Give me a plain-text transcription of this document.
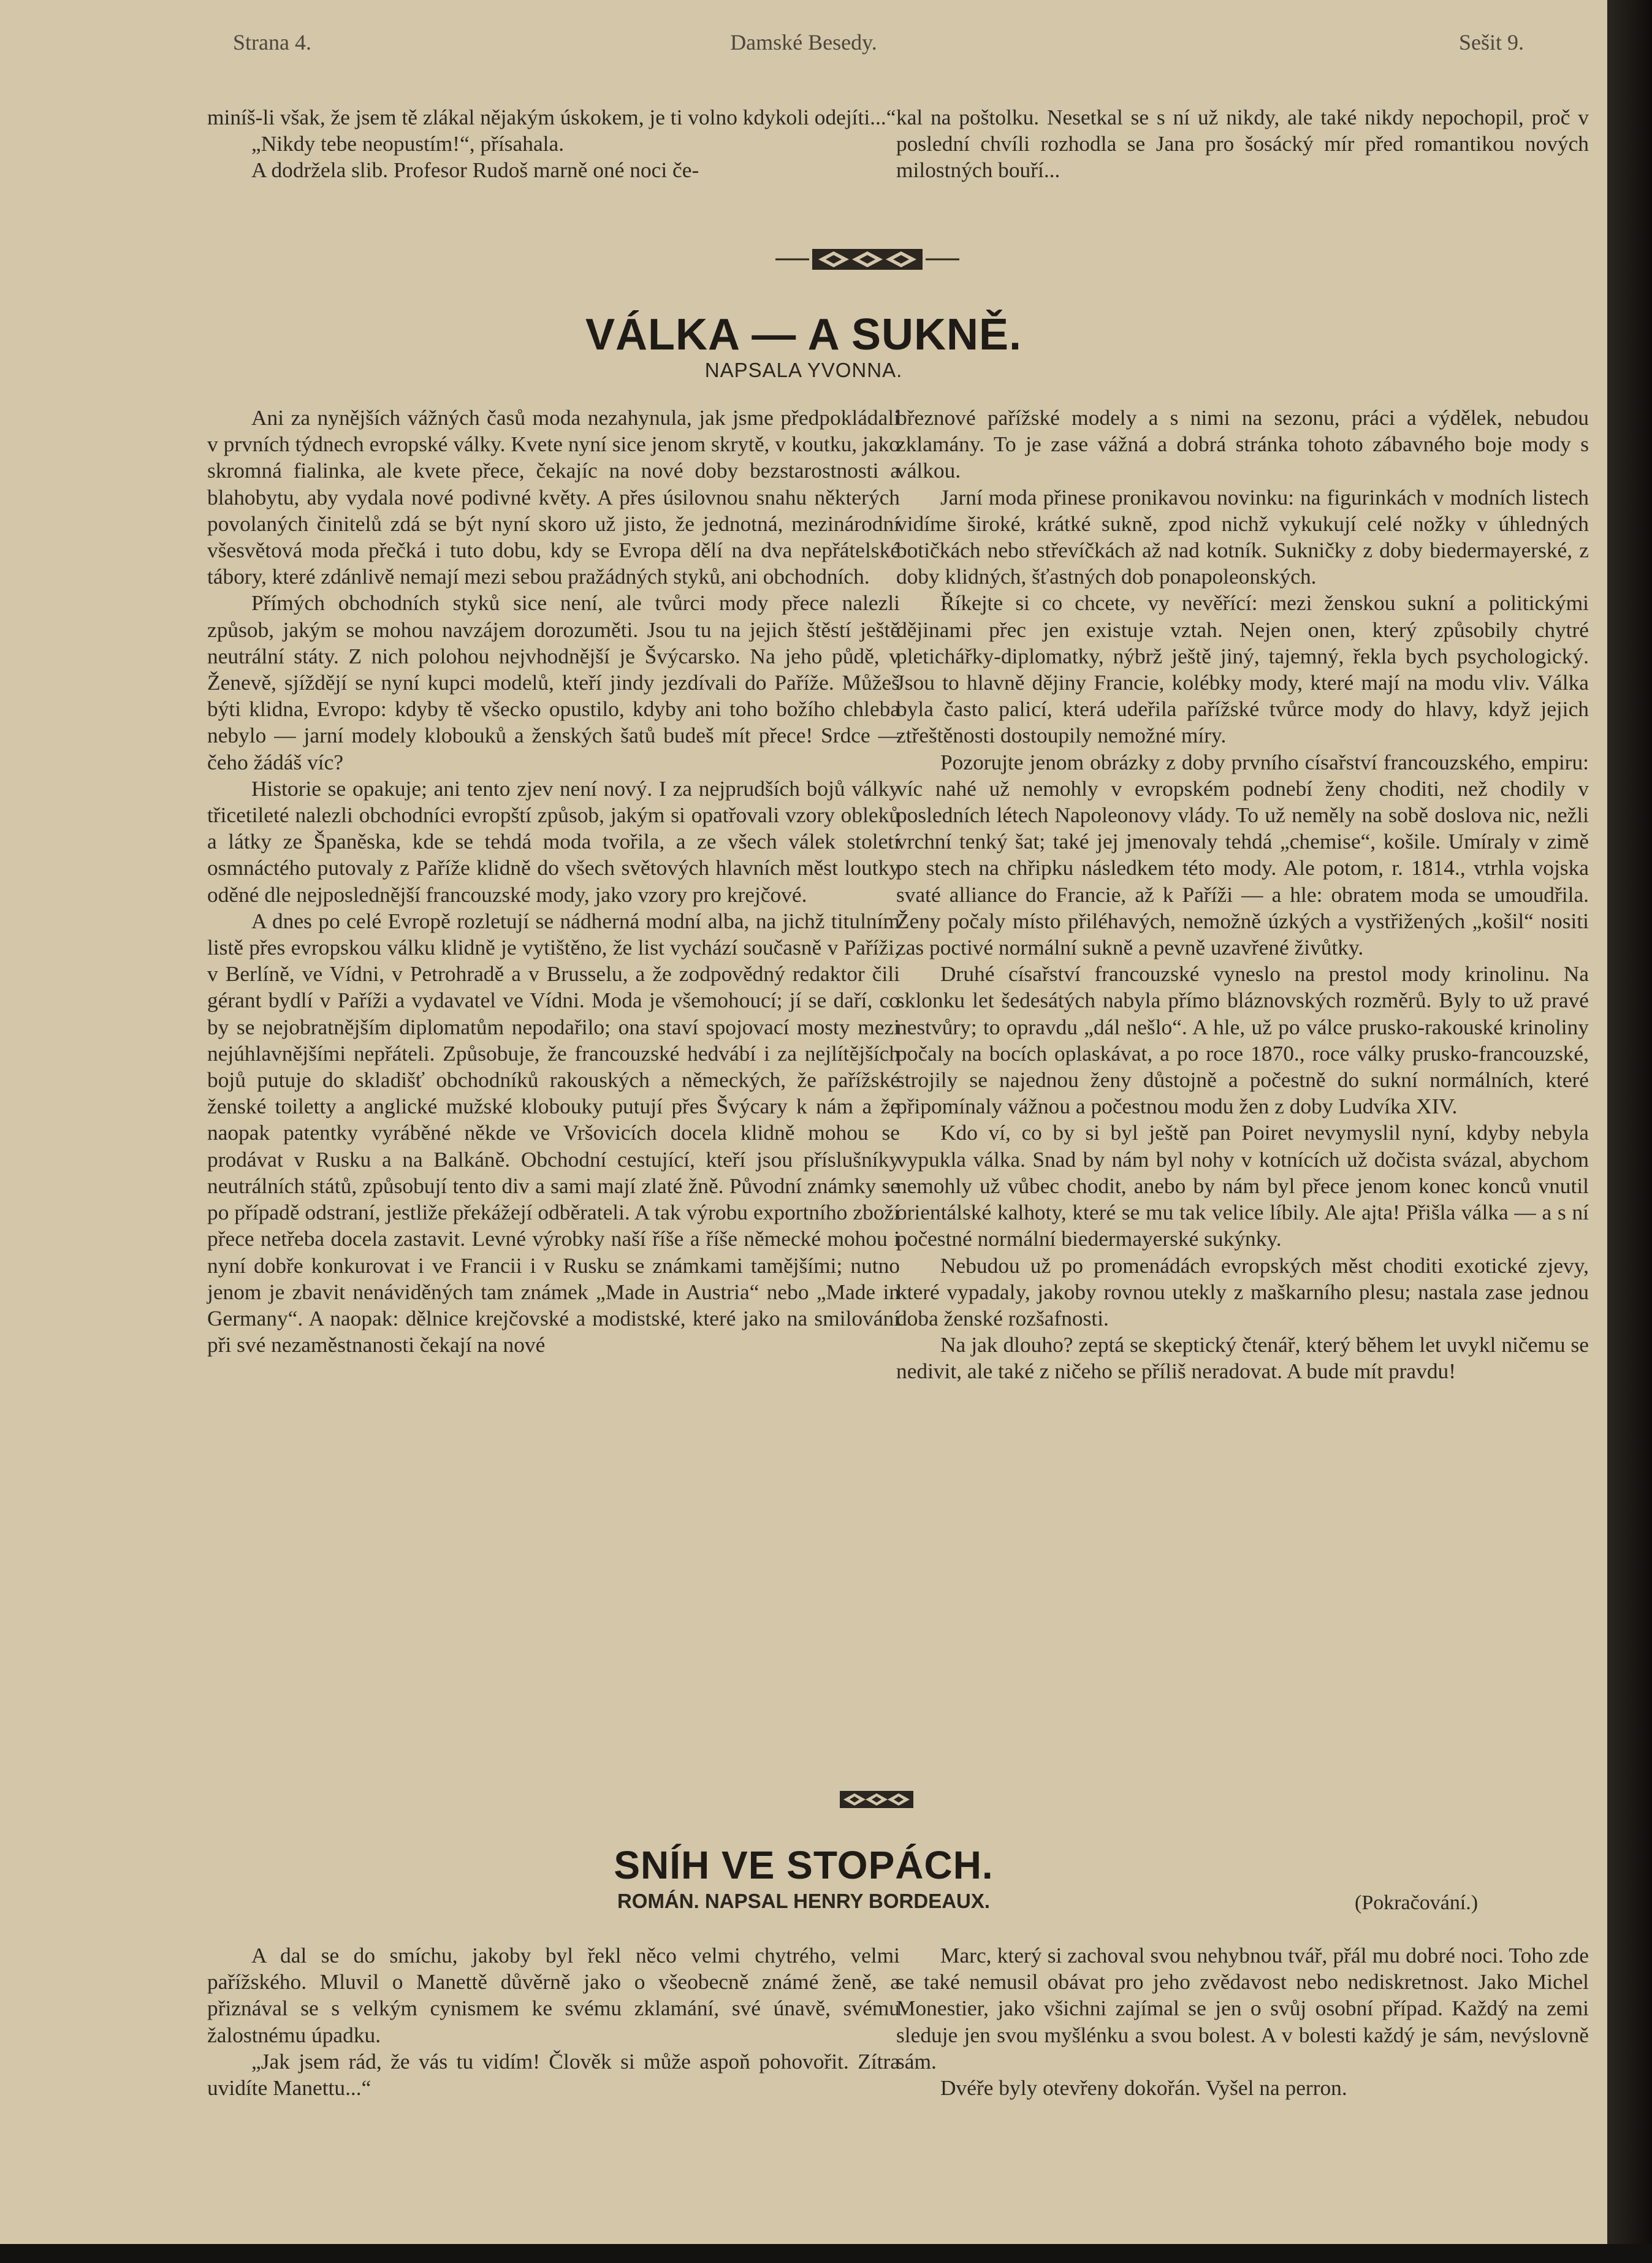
Strana 4.	Damské Besedy.	Sešit 9.

miníš-li však, že jsem tě zlákal nějakým úskokem, je ti volno kdykoli odejíti...“

„Nikdy tebe neopustím!“, přísahala.

A dodržela slib. Profesor Rudoš marně oné noci če-

kal na poštolku. Nesetkal se s ní už nikdy, ale také nikdy nepochopil, proč v poslední chvíli rozhodla se Jana pro šosácký mír před romantikou nových milostných bouří...

VÁLKA — A SUKNĚ.
NAPSALA YVONNA.

Ani za nynějších vážných časů moda nezahynula, jak jsme předpokládali v prvních týdnech evropské války. Kvete nyní sice jenom skrytě, v koutku, jako skromná fialinka, ale kvete přece, čekajíc na nové doby bezstarostnosti a blahobytu, aby vydala nové podivné květy. A přes úsilovnou snahu některých povolaných činitelů zdá se být nyní skoro už jisto, že jednotná, mezinárodní všesvětová moda přečká i tuto dobu, kdy se Evropa dělí na dva nepřátelské tábory, které zdánlivě nemají mezi sebou pražádných styků, ani obchodních.

Přímých obchodních styků sice není, ale tvůrci mody přece nalezli způsob, jakým se mohou navzájem dorozuměti. Jsou tu na jejich štěstí ještě neutrální státy. Z nich polohou nejvhodnější je Švýcarsko. Na jeho půdě, v Ženevě, sjíždějí se nyní kupci modelů, kteří jindy jezdívali do Paříže. Můžeš býti klidna, Evropo: kdyby tě všecko opustilo, kdyby ani toho božího chleba nebylo — jarní modely klobouků a ženských šatů budeš mít přece! Srdce — čeho žádáš víc?

Historie se opakuje; ani tento zjev není nový. I za nejprudších bojů války třicetileté nalezli obchodníci evropští způsob, jakým si opatřovali vzory obleků a látky ze Španěska, kde se tehdá moda tvořila, a ze všech válek století osmnáctého putovaly z Paříže klidně do všech světových hlavních měst loutky oděné dle nejposlednější francouzské mody, jako vzory pro krejčové.

A dnes po celé Evropě rozletují se nádherná modní alba, na jichž titulním listě přes evropskou válku klidně je vytištěno, že list vychází současně v Paříži, v Berlíně, ve Vídni, v Petrohradě a v Brusselu, a že zodpovědný redaktor čili gérant bydlí v Paříži a vydavatel ve Vídni. Moda je všemohoucí; jí se daří, co by se nejobratnějším diplomatům nepodařilo; ona staví spojovací mosty mezi nejúhlavnějšími nepřáteli. Způsobuje, že francouzské hedvábí i za nejlítějších bojů putuje do skladišť obchodníků rakouských a německých, že pařížské ženské toiletty a anglické mužské klobouky putují přes Švýcary k nám a že naopak patentky vyráběné někde ve Vršovicích docela klidně mohou se prodávat v Rusku a na Balkáně. Obchodní cestující, kteří jsou příslušníky neutrálních států, způsobují tento div a sami mají zlaté žně. Původní známky se po případě odstraní, jestliže překážejí odběrateli. A tak výrobu exportního zboží přece netřeba docela zastavit. Levné výrobky naší říše a říše německé mohou i nyní dobře konkurovat i ve Francii i v Rusku se známkami tamějšími; nutno jenom je zbavit nenáviděných tam známek „Made in Austria“ nebo „Made in Germany“. A naopak: dělnice krejčovské a modistské, které jako na smilování při své nezaměstnanosti čekají na nové

březnové pařížské modely a s nimi na sezonu, práci a výdělek, nebudou zklamány. To je zase vážná a dobrá stránka tohoto zábavného boje mody s válkou.

Jarní moda přinese pronikavou novinku: na figurinkách v modních listech vidíme široké, krátké sukně, zpod nichž vykukují celé nožky v úhledných botičkách nebo střevíčkách až nad kotník. Sukničky z doby biedermayerské, z doby klidných, šťastných dob ponapoleonských.

Říkejte si co chcete, vy nevěřící: mezi ženskou sukní a politickými dějinami přec jen existuje vztah. Nejen onen, který způsobily chytré pletichářky-diplomatky, nýbrž ještě jiný, tajemný, řekla bych psychologický. Jsou to hlavně dějiny Francie, kolébky mody, které mají na modu vliv. Válka byla často palicí, která udeřila pařížské tvůrce mody do hlavy, když jejich ztřeštěnosti dostoupily nemožné míry.

Pozorujte jenom obrázky z doby prvního císařství francouzského, empiru: víc nahé už nemohly v evropském podnebí ženy choditi, než chodily v posledních létech Napoleonovy vlády. To už neměly na sobě doslova nic, nežli vrchní tenký šat; také jej jmenovaly tehdá „chemise“, košile. Umíraly v zimě po stech na chřipku následkem této mody. Ale potom, r. 1814., vtrhla vojska svaté alliance do Francie, až k Paříži — a hle: obratem moda se umoudřila. Ženy počaly místo přiléhavých, nemožně úzkých a vystřižených „košil“ nositi zas poctivé normální sukně a pevně uzavřené živůtky.

Druhé císařství francouzské vyneslo na prestol mody krinolinu. Na sklonku let šedesátých nabyla přímo bláznovských rozměrů. Byly to už pravé nestvůry; to opravdu „dál nešlo“. A hle, už po válce prusko-rakouské krinoliny počaly na bocích oplaskávat, a po roce 1870., roce války prusko-francouzské, strojily se najednou ženy důstojně a počestně do sukní normálních, které připomínaly vážnou a počestnou modu žen z doby Ludvíka XIV.

Kdo ví, co by si byl ještě pan Poiret nevymyslil nyní, kdyby nebyla vypukla válka. Snad by nám byl nohy v kotnících už dočista svázal, abychom nemohly už vůbec chodit, anebo by nám byl přece jenom konec konců vnutil orientálské kalhoty, které se mu tak velice líbily. Ale ajta! Přišla válka — a s ní počestné normální biedermayerské sukýnky.

Nebudou už po promenádách evropských měst choditi exotické zjevy, které vypadaly, jakoby rovnou utekly z maškarního plesu; nastala zase jednou doba ženské rozšafnosti.

Na jak dlouho? zeptá se skeptický čtenář, který během let uvykl ničemu se nedivit, ale také z ničeho se příliš neradovat. A bude mít pravdu!

SNÍH VE STOPÁCH.
ROMÁN. NAPSAL HENRY BORDEAUX.	(Pokračování.)

A dal se do smíchu, jakoby byl řekl něco velmi chytrého, velmi pařížského. Mluvil o Manettě důvěrně jako o všeobecně známé ženě, a přiznával se s velkým cynismem ke svému zklamání, své únavě, svému žalostnému úpadku.

„Jak jsem rád, že vás tu vidím! Člověk si může aspoň pohovořit. Zítra uvidíte Manettu...“

Marc, který si zachoval svou nehybnou tvář, přál mu dobré noci. Toho zde se také nemusil obávat pro jeho zvědavost nebo nediskretnost. Jako Michel Monestier, jako všichni zajímal se jen o svůj osobní případ. Každý na zemi sleduje jen svou myšlénku a svou bolest. A v bolesti každý je sám, nevýslovně sám.

Dvéře byly otevřeny dokořán. Vyšel na perron.
